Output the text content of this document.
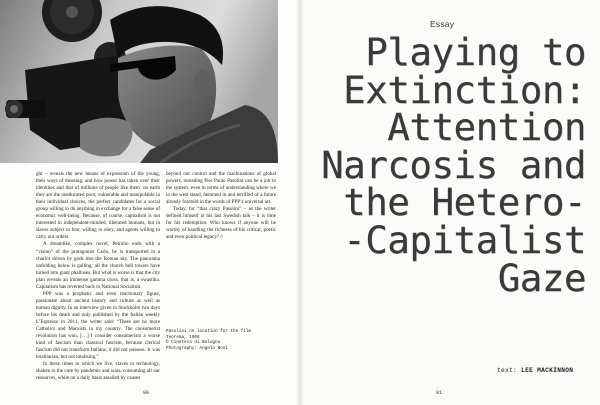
ght – reveals the new means of expression of the young, their ways of dressing, and how power has taken over their identities and that of millions of people like them: on earth they are the uneducated poor, vulnerable and manipulable in their individual choices, the perfect candidates for a social group willing to do anything in exchange for a false sense of economic well-being. Because, of course, capitalism is not interested in independent-minded, liberated humans, but in slaves subject to fear, willing to obey, and agents willing to carry out orders.

A dreamlike, complex novel, Petrolio ends with a “vision” of the protagonist Carlo, he is transported in a chariot driven by gods into the Roman sky. The panorama unfolding below is galling: all the church bell towers have turned into giant phalluses. But what is worse is that the city plan reveals an immense gamma cross, that is, a swastika. Capitalism has reverted back to National Socialism.

PPP was a prophetic and even reactionary figure, passionate about ancient history and culture as well as human dignity. In an interview given in Stockholm two days before his death and only published by the Italian weekly L’Espresso in 2011, the writer said: “There are no more Catholics and Marxists in my country. The consumerist revolution has won, […] I consider consumerism a worse kind of fascism than classical fascism, because clerical fascism did not transform Italians, it did not possess. It was totalitarian, but not totalising.”

In these times in which we live, slaves to technology, shaken to the core by pandemic and wars, consuming all our resources, while on a daily basis assailed by causes

beyond our control and the machinations of global powers, rereading Pier Paolo Pasolini can be a jolt to the system, even in terms of understanding where we in the west stand, hemmed in and terrified of a future already foretold in the words of PPP’s universal art.

Today, for “that crazy Pasolini” – as the writer defined himself in his last Swedish talk – it is time for his redemption. Who knows if anyone will be worthy of handling the richness of his critical, poetic and even political legacy? //

Pasolini on location for the film
Teorema, 1968
© Cineteca di Bologna
Photography: Angelo Novi
90
Essay
Playing to
Extinction:
Attention
Narcosis and
the Hetero-
-Capitalist
Gaze
text: LEE MACKINNON
91
